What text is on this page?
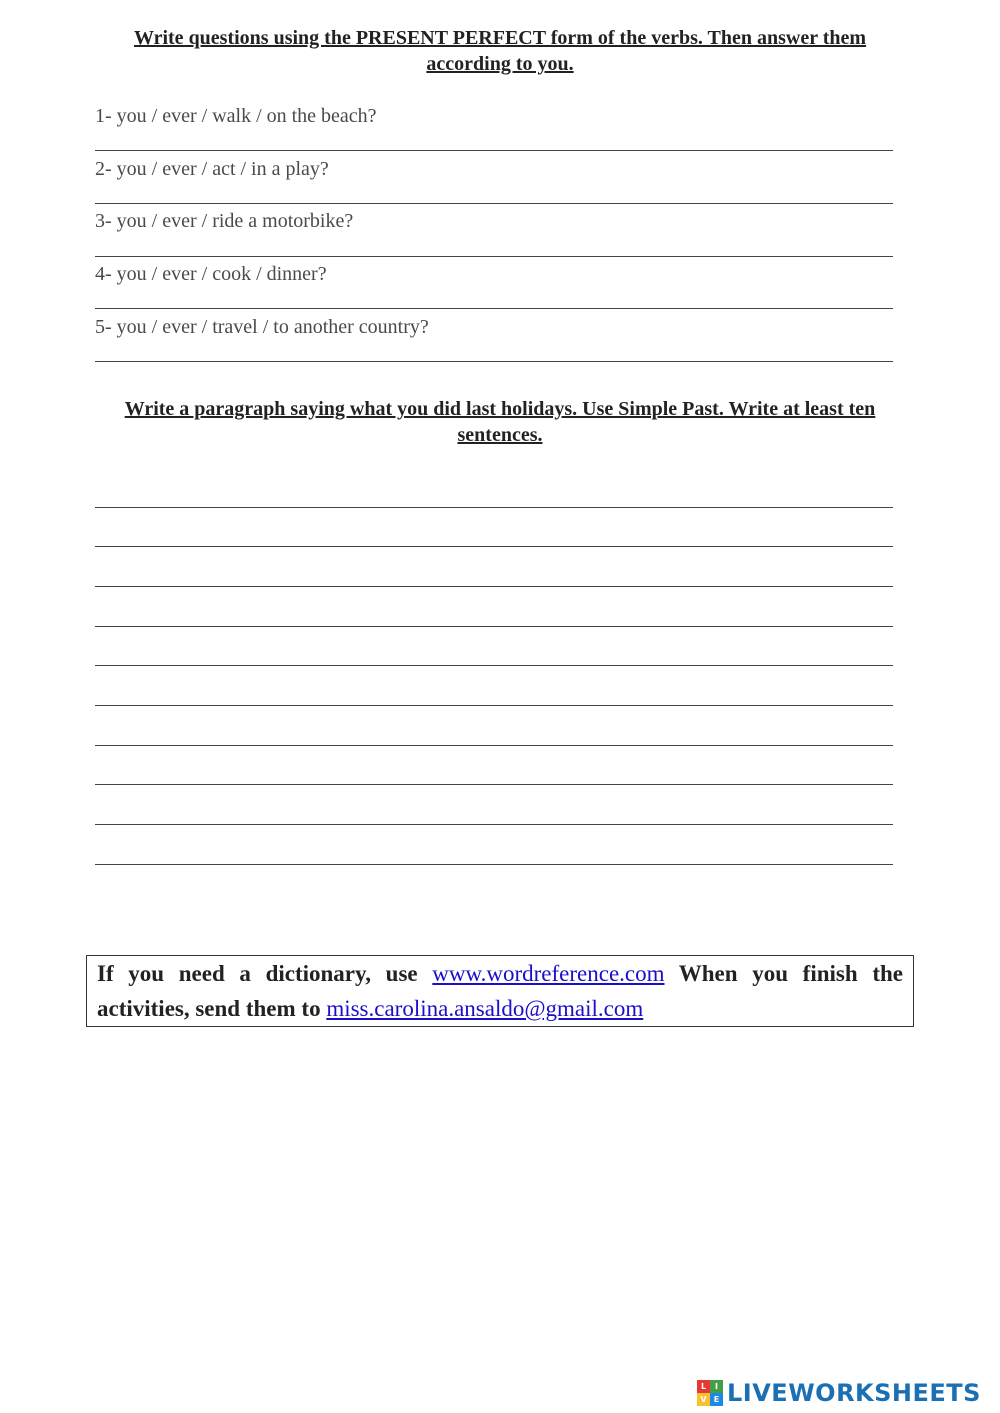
Write questions using the PRESENT PERFECT form of the verbs. Then answer them according to you.
1- you / ever / walk / on the beach?
2- you / ever / act / in a play?
3- you / ever / ride a motorbike?
4- you / ever / cook / dinner?
5- you / ever / travel / to another country?
Write a paragraph saying what you did last holidays. Use Simple Past. Write at least ten sentences.
If you need a dictionary, use www.wordreference.com When you finish the activities, send them to miss.carolina.ansaldo@gmail.com
L	I
V E LIVEWORKSHEETS
